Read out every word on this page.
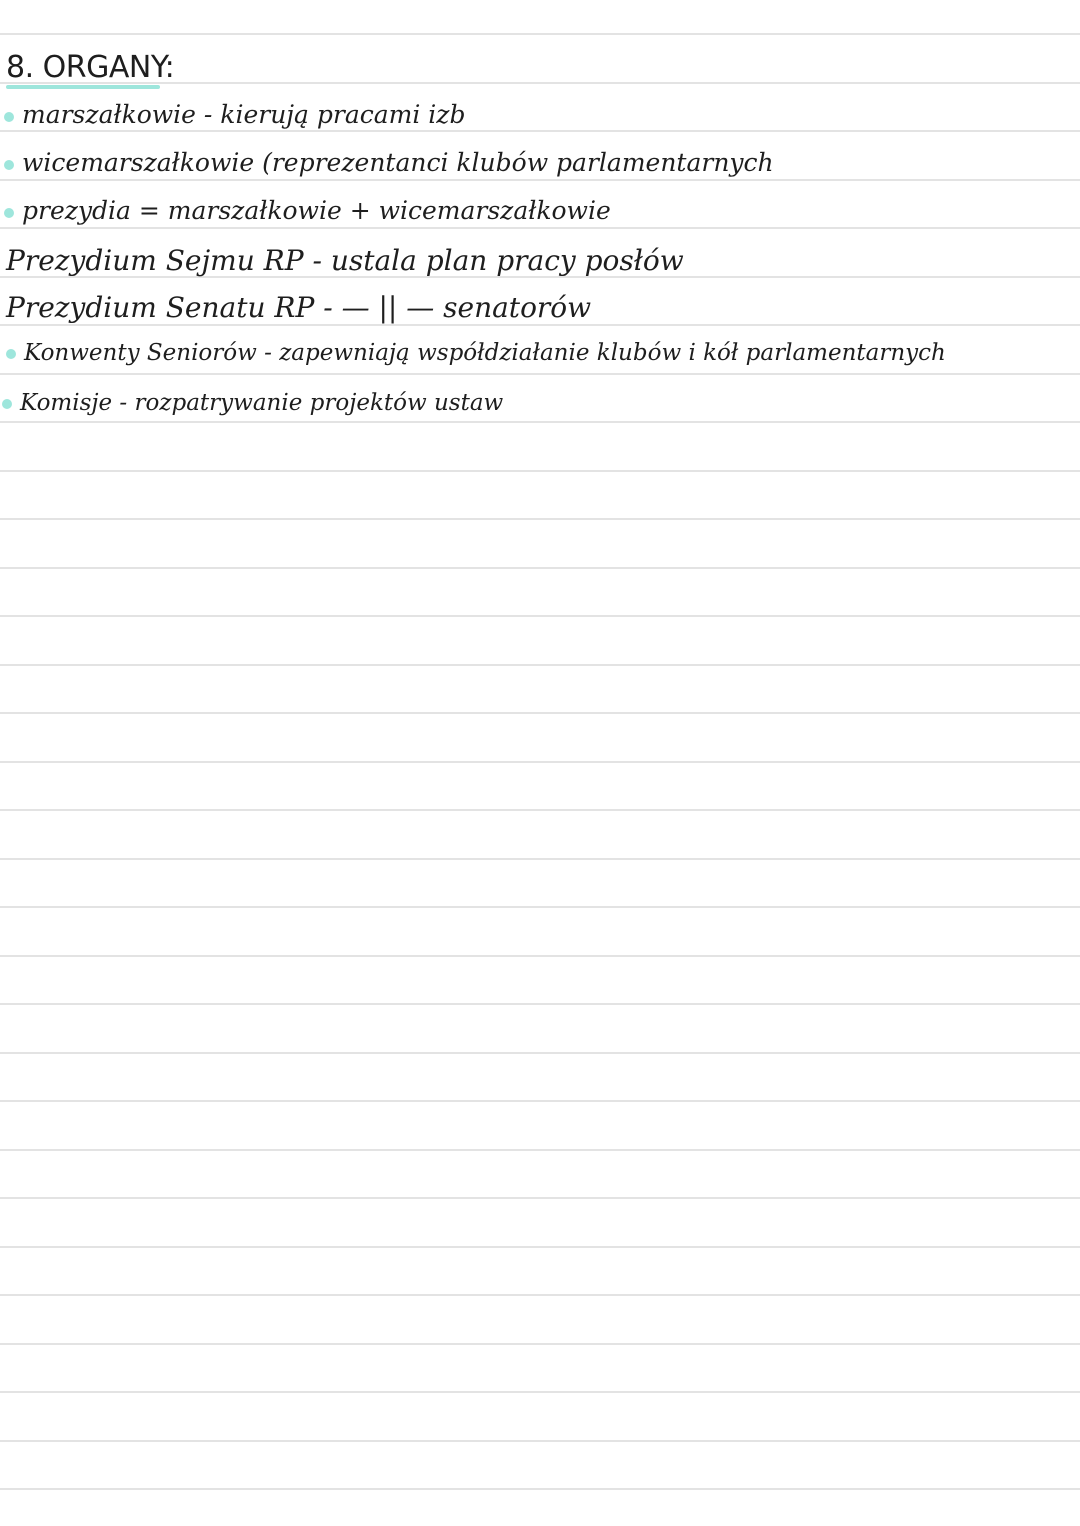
8. ORGANY:
marszałkowie - kierują pracami izb
wicemarszałkowie (reprezentanci klubów parlamentarnych
prezydia = marszałkowie + wicemarszałkowie
Prezydium Sejmu RP - ustala plan pracy posłów
Prezydium Senatu RP - — || — senatorów
Konwenty Seniorów - zapewniają współdziałanie klubów i kół parlamentarnych
Komisje - rozpatrywanie projektów ustaw
